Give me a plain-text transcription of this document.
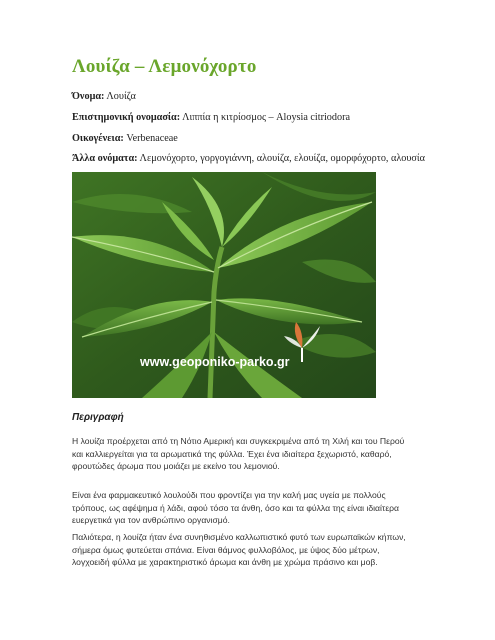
Λουίζα – Λεμονόχορτο
Όνομα: Λουίζα
Επιστημονική ονομασία: Λιππία η κιτρίοσμος – Aloysia citriodora
Οικογένεια: Verbenaceae
Άλλα ονόματα: Λεμονόχορτο, γοργογιάννη, αλουίζα, ελουίζα, ομορφόχορτο, αλουσία
www.geoponiko-parko.gr
Περιγραφή

Η λουίζα προέρχεται από τη Νότιο Αμερική και συγκεκριμένα από τη Χιλή και του Περού και καλλιεργείται για τα αρωματικά της φύλλα. Έχει ένα ιδιαίτερα ξεχωριστό, καθαρό, φρουτώδες άρωμα που μοιάζει με εκείνο του λεμονιού.

Είναι ένα φαρμακευτικό λουλούδι που φροντίζει για την καλή μας υγεία με πολλούς τρόπους, ως αφέψημα ή λάδι, αφού τόσο τα άνθη, όσο και τα φύλλα της είναι ιδιαίτερα ευεργετικά για τον ανθρώπινο οργανισμό.

Παλιότερα, η λουίζα ήταν ένα συνηθισμένο καλλωπιστικό φυτό των ευρωπαϊκών κήπων, σήμερα όμως φυτεύεται σπάνια. Είναι θάμνος φυλλοβόλος, με ύψος δύο μέτρων, λογχοειδή φύλλα με χαρακτηριστικό άρωμα και άνθη με χρώμα πράσινο και μοβ.
